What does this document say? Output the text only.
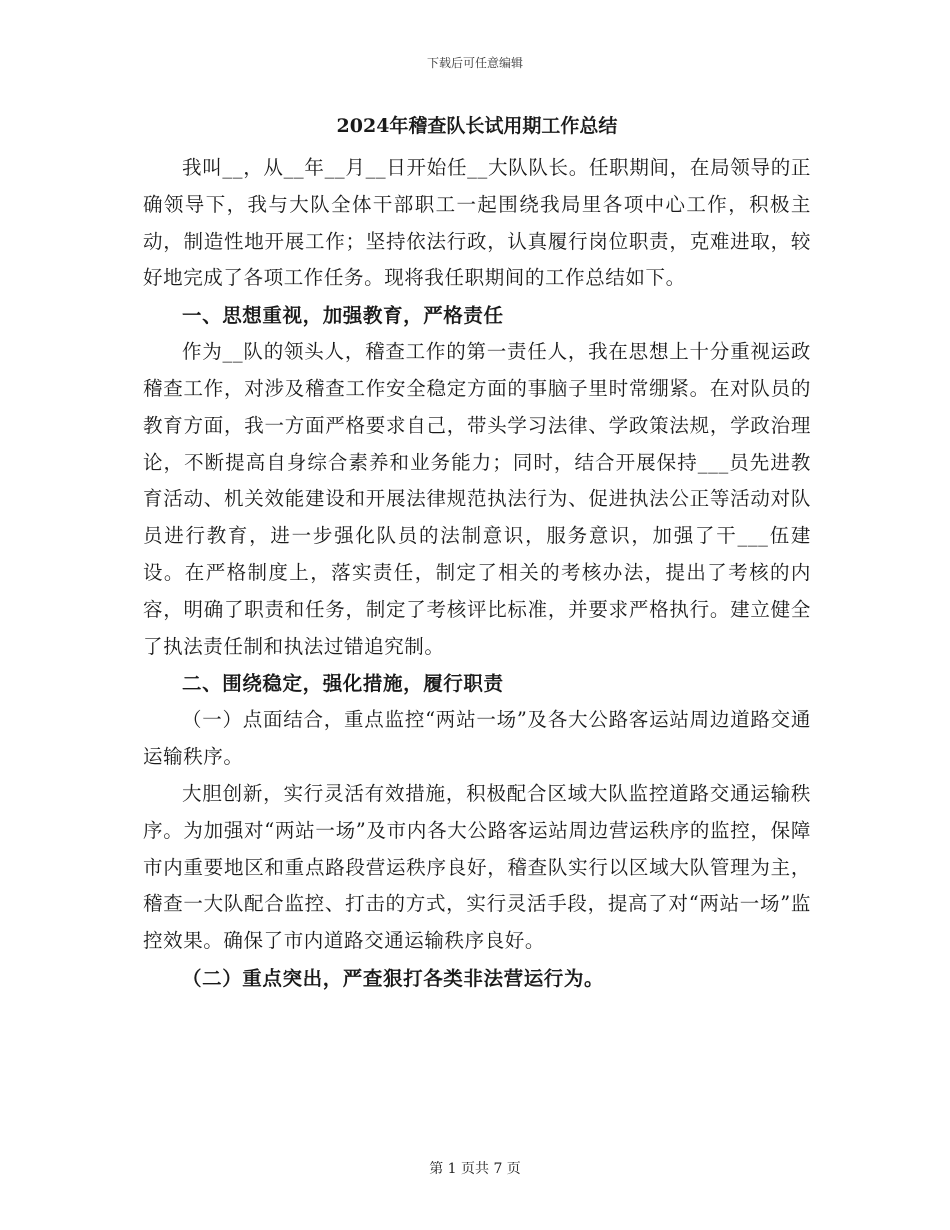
下载后可任意编辑
2024年稽查队长试用期工作总结

我叫__，从__年__月__日开始任__大队队长。任职期间，在局领导的正确领导下，我与大队全体干部职工一起围绕我局里各项中心工作，积极主动，制造性地开展工作；坚持依法行政，认真履行岗位职责，克难进取，较好地完成了各项工作任务。现将我任职期间的工作总结如下。

一、思想重视，加强教育，严格责任

作为__队的领头人，稽查工作的第一责任人，我在思想上十分重视运政稽查工作，对涉及稽查工作安全稳定方面的事脑子里时常绷紧。在对队员的教育方面，我一方面严格要求自己，带头学习法律、学政策法规，学政治理论，不断提高自身综合素养和业务能力；同时，结合开展保持___员先进教育活动、机关效能建设和开展法律规范执法行为、促进执法公正等活动对队员进行教育，进一步强化队员的法制意识，服务意识，加强了干___伍建设。在严格制度上，落实责任，制定了相关的考核办法，提出了考核的内容，明确了职责和任务，制定了考核评比标准，并要求严格执行。建立健全了执法责任制和执法过错追究制。

二、围绕稳定，强化措施，履行职责

（一）点面结合，重点监控“两站一场”及各大公路客运站周边道路交通运输秩序。

大胆创新，实行灵活有效措施，积极配合区域大队监控道路交通运输秩序。为加强对“两站一场”及市内各大公路客运站周边营运秩序的监控，保障市内重要地区和重点路段营运秩序良好，稽查队实行以区域大队管理为主，稽查一大队配合监控、打击的方式，实行灵活手段，提高了对“两站一场”监控效果。确保了市内道路交通运输秩序良好。

（二）重点突出，严查狠打各类非法营运行为。

第 1 页共 7 页
